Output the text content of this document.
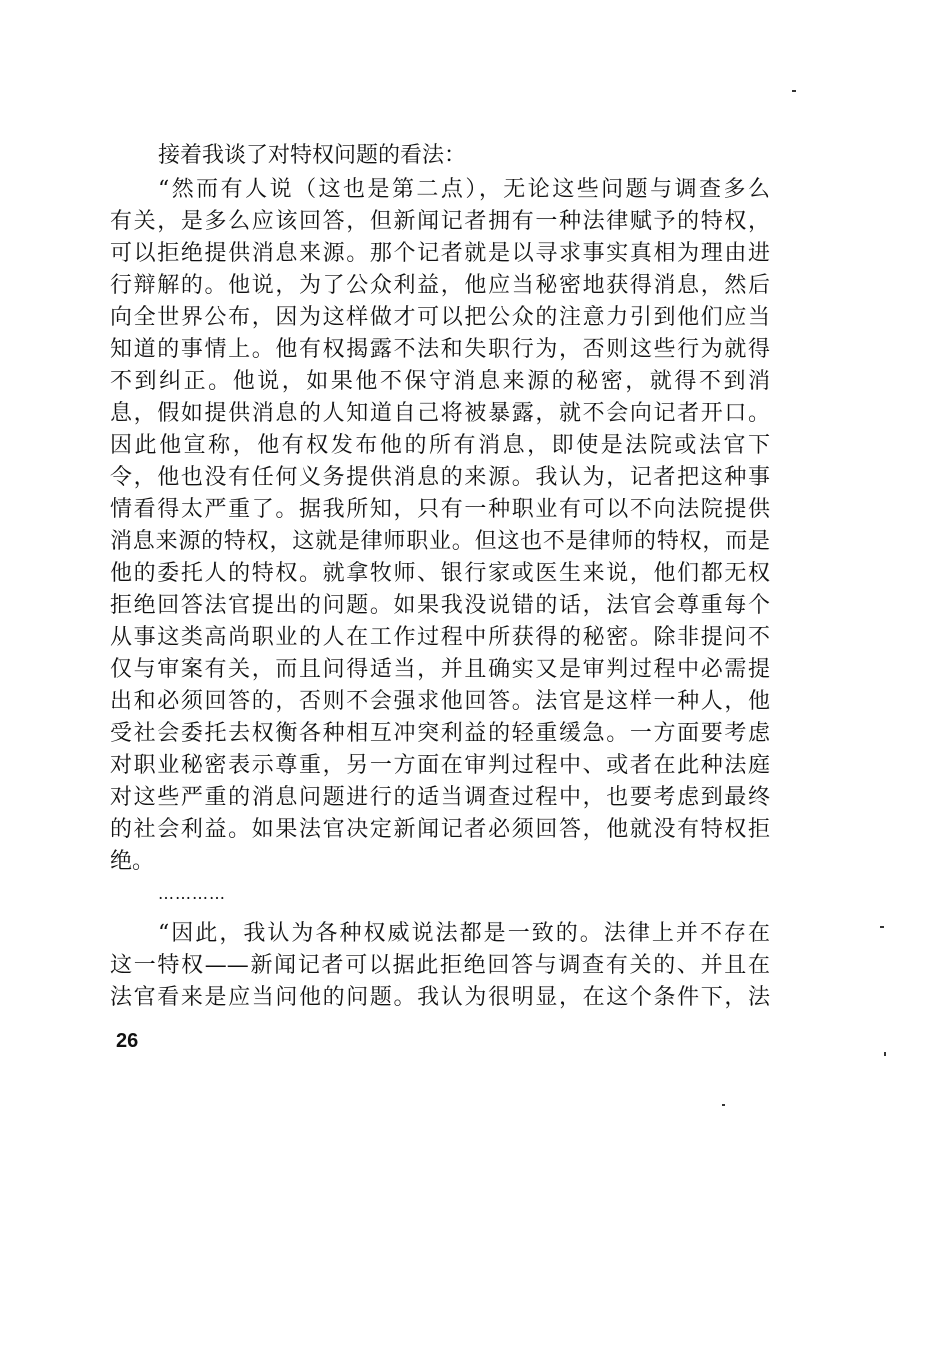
接着我谈了对特权问题的看法：
“然而有人说（这也是第二点），无论这些问题与调查多么
有关，是多么应该回答，但新闻记者拥有一种法律赋予的特权，
可以拒绝提供消息来源。那个记者就是以寻求事实真相为理由进
行辩解的。他说，为了公众利益，他应当秘密地获得消息，然后
向全世界公布，因为这样做才可以把公众的注意力引到他们应当
知道的事情上。他有权揭露不法和失职行为，否则这些行为就得
不到纠正。他说，如果他不保守消息来源的秘密，就得不到消
息，假如提供消息的人知道自己将被暴露，就不会向记者开口。
因此他宣称，他有权发布他的所有消息，即使是法院或法官下
令，他也没有任何义务提供消息的来源。我认为，记者把这种事
情看得太严重了。据我所知，只有一种职业有可以不向法院提供
消息来源的特权，这就是律师职业。但这也不是律师的特权，而是
他的委托人的特权。就拿牧师、银行家或医生来说，他们都无权
拒绝回答法官提出的问题。如果我没说错的话，法官会尊重每个
从事这类高尚职业的人在工作过程中所获得的秘密。除非提问不
仅与审案有关，而且问得适当，并且确实又是审判过程中必需提
出和必须回答的，否则不会强求他回答。法官是这样一种人，他
受社会委托去权衡各种相互冲突利益的轻重缓急。一方面要考虑
对职业秘密表示尊重，另一方面在审判过程中、或者在此种法庭
对这些严重的消息问题进行的适当调查过程中，也要考虑到最终
的社会利益。如果法官决定新闻记者必须回答，他就没有特权拒
绝。
…………
“因此，我认为各种权威说法都是一致的。法律上并不存在
这一特权——新闻记者可以据此拒绝回答与调查有关的、并且在
法官看来是应当问他的问题。我认为很明显，在这个条件下，法
26
